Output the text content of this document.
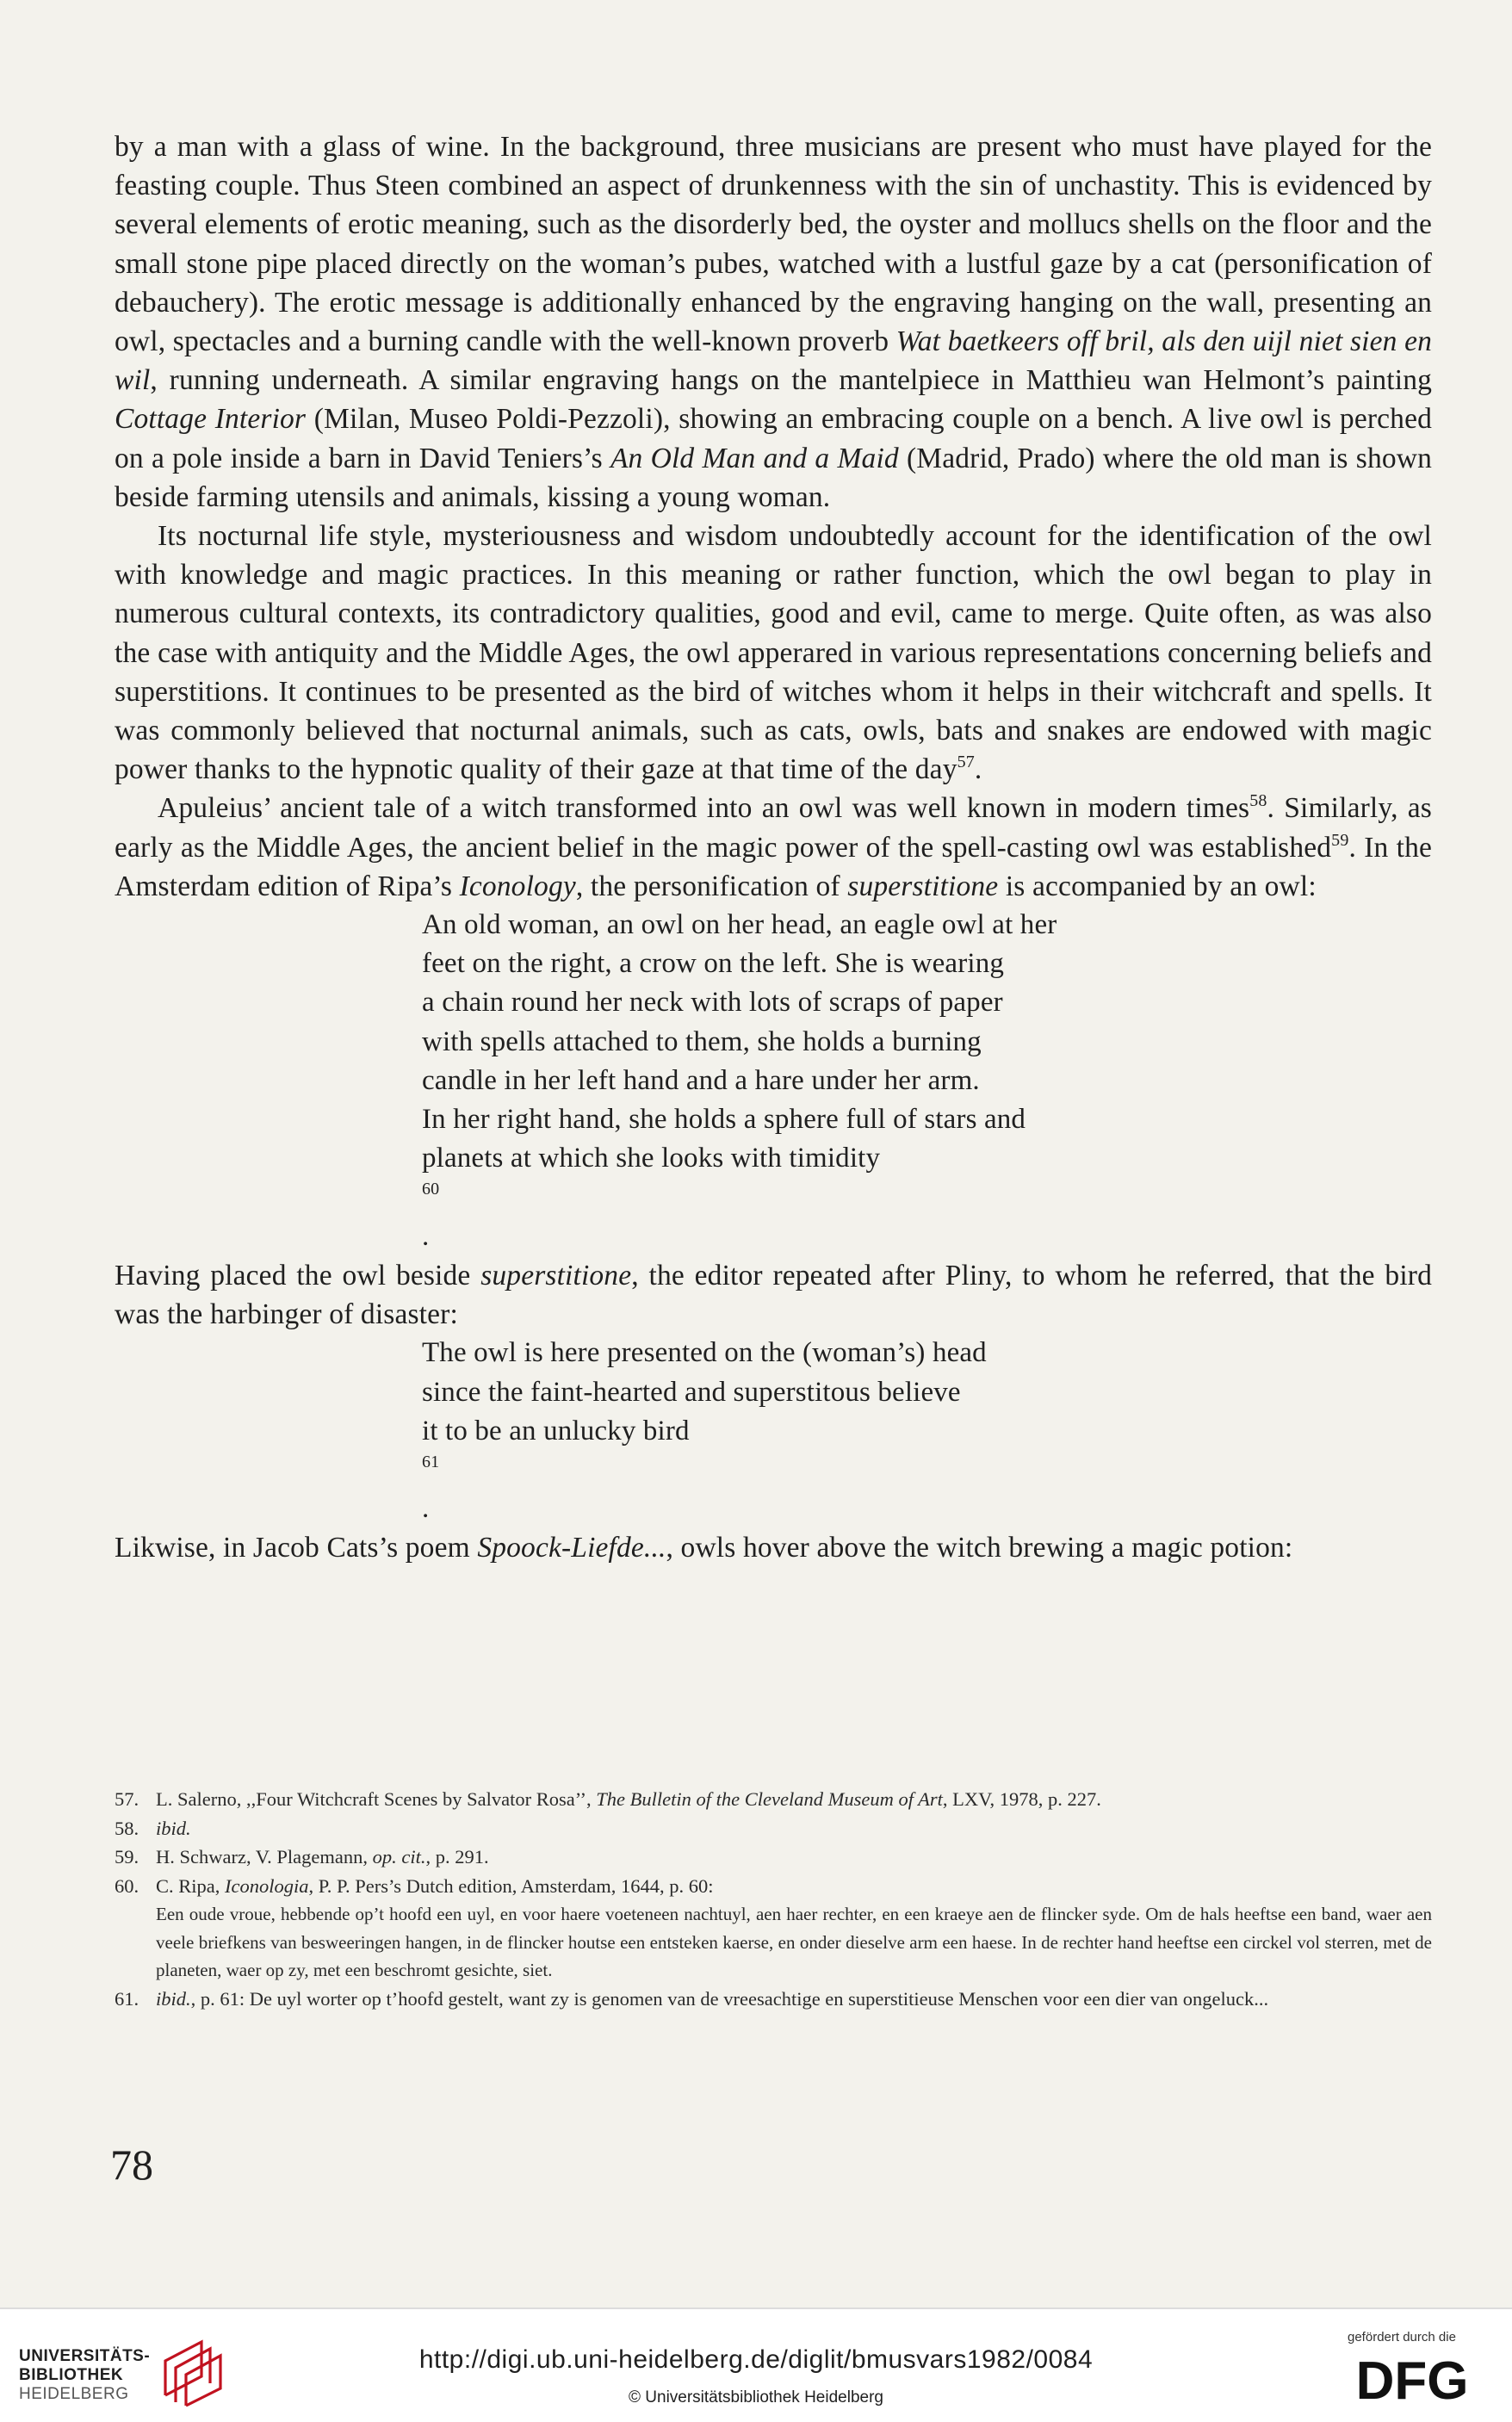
by a man with a glass of wine. In the background, three musicians are present who must have played for the feasting couple. Thus Steen combined an aspect of drunkenness with the sin of unchastity. This is evidenced by several elements of erotic meaning, such as the disorderly bed, the oyster and mollucs shells on the floor and the small stone pipe placed directly on the woman’s pubes, watched with a lustful gaze by a cat (personification of debauchery). The erotic message is additionally enhanced by the engraving hanging on the wall, presenting an owl, spectacles and a burning candle with the well-known proverb Wat baetkeers off bril, als den uijl niet sien en wil, running underneath. A similar engraving hangs on the mantelpiece in Matthieu wan Helmont’s painting Cottage Interior (Milan, Museo Poldi-Pezzoli), showing an embracing couple on a bench. A live owl is perched on a pole inside a barn in David Teniers’s An Old Man and a Maid (Madrid, Prado) where the old man is shown beside farming utensils and animals, kissing a young woman.

Its nocturnal life style, mysteriousness and wisdom undoubtedly account for the identification of the owl with knowledge and magic practices. In this meaning or rather function, which the owl began to play in numerous cultural contexts, its contradictory qualities, good and evil, came to merge. Quite often, as was also the case with antiquity and the Middle Ages, the owl apperared in various representations concerning beliefs and superstitions. It continues to be presented as the bird of witches whom it helps in their witchcraft and spells. It was commonly believed that nocturnal animals, such as cats, owls, bats and snakes are endowed with magic power thanks to the hypnotic quality of their gaze at that time of the day$^{57}$.

Apuleius’ ancient tale of a witch transformed into an owl was well known in modern times$^{58}$. Similarly, as early as the Middle Ages, the ancient belief in the magic power of the spell-casting owl was established$^{59}$. In the Amsterdam edition of Ripa’s Iconology, the personification of superstitione is accompanied by an owl:

An old woman, an owl on her head, an eagle owl at her
feet on the right, a crow on the left. She is wearing
a chain round her neck with lots of scraps of paper
with spells attached to them, she holds a burning
candle in her left hand and a hare under her arm.
In her right hand, she holds a sphere full of stars and
planets at which she looks with timidity
$^{60}$
.

Having placed the owl beside superstitione, the editor repeated after Pliny, to whom he referred, that the bird was the harbinger of disaster:

The owl is here presented on the (woman’s) head
since the faint-hearted and superstitous believe
it to be an unlucky bird
$^{61}$
.

Likwise, in Jacob Cats’s poem Spoock-Liefde..., owls hover above the witch brewing a magic potion:

57. L. Salerno, ,,Four Witchcraft Scenes by Salvator Rosa’’, The Bulletin of the Cleveland Museum of Art, LXV, 1978, p. 227.
58. ibid.
59. H. Schwarz, V. Plagemann, op. cit., p. 291.
60. C. Ripa, Iconologia, P. P. Pers’s Dutch edition, Amsterdam, 1644, p. 60:
Een oude vroue, hebbende op’t hoofd een uyl, en voor haere voeteneen nachtuyl, aen haer rechter, en een kraeye aen de flincker syde. Om de hals heeftse een band, waer aen veele briefkens van besweeringen hangen, in de flincker houtse een entsteken kaerse, en onder dieselve arm een haese. In de rechter hand heeftse een circkel vol sterren, met de planeten, waer op zy, met een beschromt gesichte, siet.
61. ibid., p. 61: De uyl worter op t’hoofd gestelt, want zy is genomen van de vreesachtige en superstitieuse Menschen voor een dier van ongeluck...
78
UNIVERSITÄTS-
BIBLIOTHEK
HEIDELBERG
http://digi.ub.uni-heidelberg.de/diglit/bmusvars1982/0084
© Universitätsbibliothek Heidelberg
gefördert durch die
DFG
